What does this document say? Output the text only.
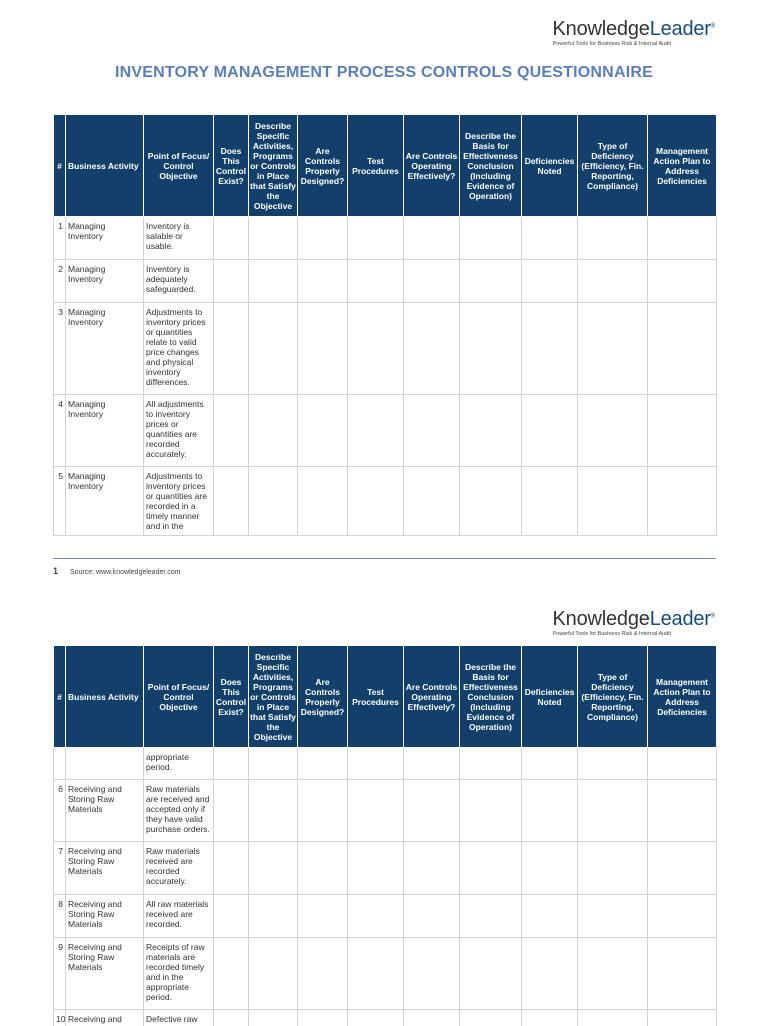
KnowledgeLeader®
Powerful Tools for Business Risk & Internal Audit
INVENTORY MANAGEMENT PROCESS CONTROLS QUESTIONNAIRE
#	Business Activity	Point of Focus/ Control Objective	Does This Control Exist?	Describe Specific Activities, Programs or Controls in Place that Satisfy the Objective	Are Controls Properly Designed?	Test Procedures	Are Controls Operating Effectively?	Describe the Basis for Effectiveness Conclusion (Including Evidence of Operation)	Deficiencies Noted	Type of Deficiency (Efficiency, Fin. Reporting, Compliance)	Management Action Plan to Address Deficiencies
1	Managing Inventory	Inventory is salable or usable.									
2	Managing Inventory	Inventory is adequately safeguarded.									
3	Managing Inventory	Adjustments to inventory prices or quantities relate to valid price changes and physical inventory differences.									
4	Managing Inventory	All adjustments to inventory prices or quantities are recorded accurately.									
5	Managing Inventory	Adjustments to inventory prices or quantities are recorded in a timely manner and in the									
1 Source: www.knowledgeleader.com
KnowledgeLeader®
Powerful Tools for Business Risk & Internal Audit
#	Business Activity	Point of Focus/ Control Objective	Does This Control Exist?	Describe Specific Activities, Programs or Controls in Place that Satisfy the Objective	Are Controls Properly Designed?	Test Procedures	Are Controls Operating Effectively?	Describe the Basis for Effectiveness Conclusion (Including Evidence of Operation)	Deficiencies Noted	Type of Deficiency (Efficiency, Fin. Reporting, Compliance)	Management Action Plan to Address Deficiencies
		appropriate period.									
6	Receiving and Storing Raw Materials	Raw materials are received and accepted only if they have valid purchase orders.									
7	Receiving and Storing Raw Materials	Raw materials received are recorded accurately.									
8	Receiving and Storing Raw Materials	All raw materials received are recorded.									
9	Receiving and Storing Raw Materials	Receipts of raw materials are recorded timely and in the appropriate period.									
10	Receiving and	Defective raw									
